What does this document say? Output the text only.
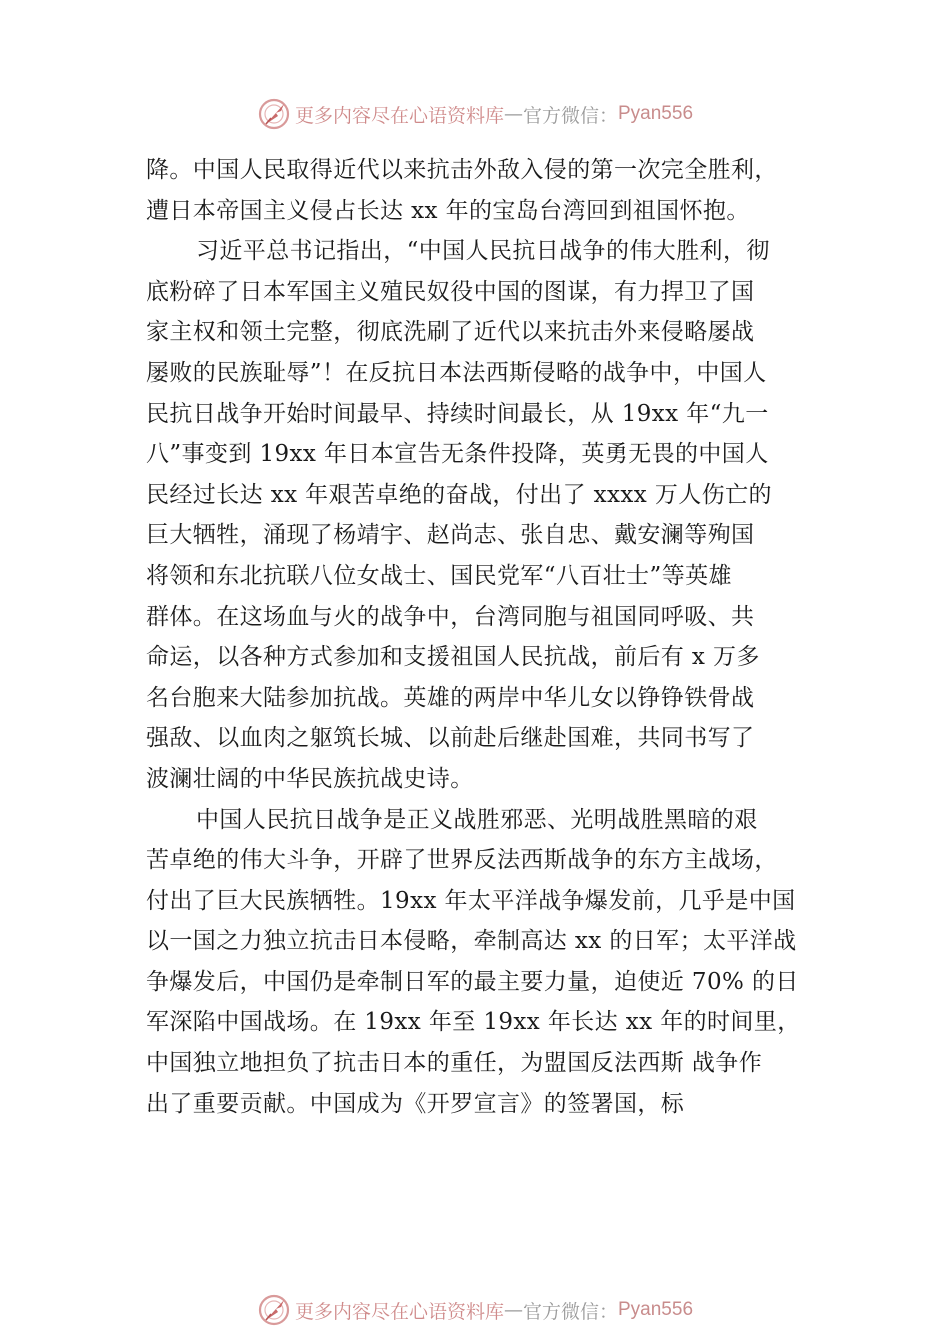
更多内容尽在心语资料库 — 官方微信： Pyan556
降。中国人民取得近代以来抗击外敌入侵的第一次完全胜利，
遭日本帝国主义侵占长达 xx 年的宝岛台湾回到祖国怀抱。
习近平总书记指出，“中国人民抗日战争的伟大胜利，彻
底粉碎了日本军国主义殖民奴役中国的图谋，有力捍卫了国
家主权和领土完整，彻底洗刷了近代以来抗击外来侵略屡战
屡败的民族耻辱”！在反抗日本法西斯侵略的战争中，中国人
民抗日战争开始时间最早、持续时间最长，从 19xx 年“九一
八”事变到 19xx 年日本宣告无条件投降，英勇无畏的中国人
民经过长达 xx 年艰苦卓绝的奋战，付出了 xxxx 万人伤亡的
巨大牺牲，涌现了杨靖宇、赵尚志、张自忠、戴安澜等殉国
将领和东北抗联八位女战士、国民党军“八百壮士”等英雄
群体。在这场血与火的战争中，台湾同胞与祖国同呼吸、共
命运，以各种方式参加和支援祖国人民抗战，前后有 x 万多
名台胞来大陆参加抗战。英雄的两岸中华儿女以铮铮铁骨战
强敌、以血肉之躯筑长城、以前赴后继赴国难，共同书写了
波澜壮阔的中华民族抗战史诗。
中国人民抗日战争是正义战胜邪恶、光明战胜黑暗的艰
苦卓绝的伟大斗争，开辟了世界反法西斯战争的东方主战场，
付出了巨大民族牺牲。19xx 年太平洋战争爆发前，几乎是中国
以一国之力独立抗击日本侵略，牵制高达 xx 的日军；太平洋战
争爆发后，中国仍是牵制日军的最主要力量，迫使近 70% 的日
军深陷中国战场。在 19xx 年至 19xx 年长达 xx 年的时间里，
中国独立地担负了抗击日本的重任，为盟国反法西斯 战争作
出了重要贡献。中国成为《开罗宣言》的签署国，标
更多内容尽在心语资料库 — 官方微信： Pyan556
